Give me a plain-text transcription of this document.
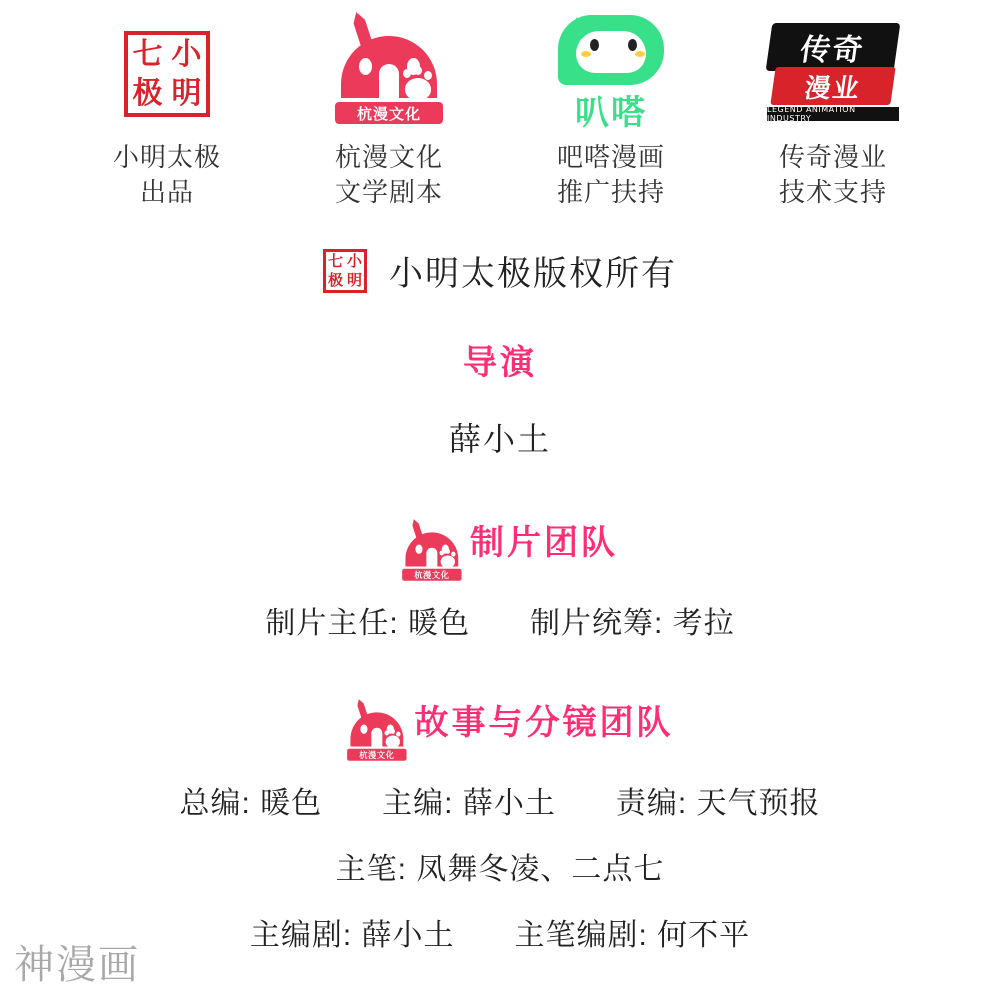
七 小
极 明
小明太极
出品
杭漫文化
杭漫文化
文学剧本
叭嗒
吧嗒漫画
推广扶持
传奇
漫业
LEGEND ANIMATION INDUSTRY
传奇漫业
技术支持
七 小
极 明 小明太极版权所有
导演
薛小土
杭漫文化
制片团队
制片主任: 暖色 制片统筹: 考拉
杭漫文化
故事与分镜团队
总编: 暖色 主编: 薛小土 责编: 天气预报
主笔: 凤舞冬凌、二点七
主编剧: 薛小土 主笔编剧: 何不平
神漫画
